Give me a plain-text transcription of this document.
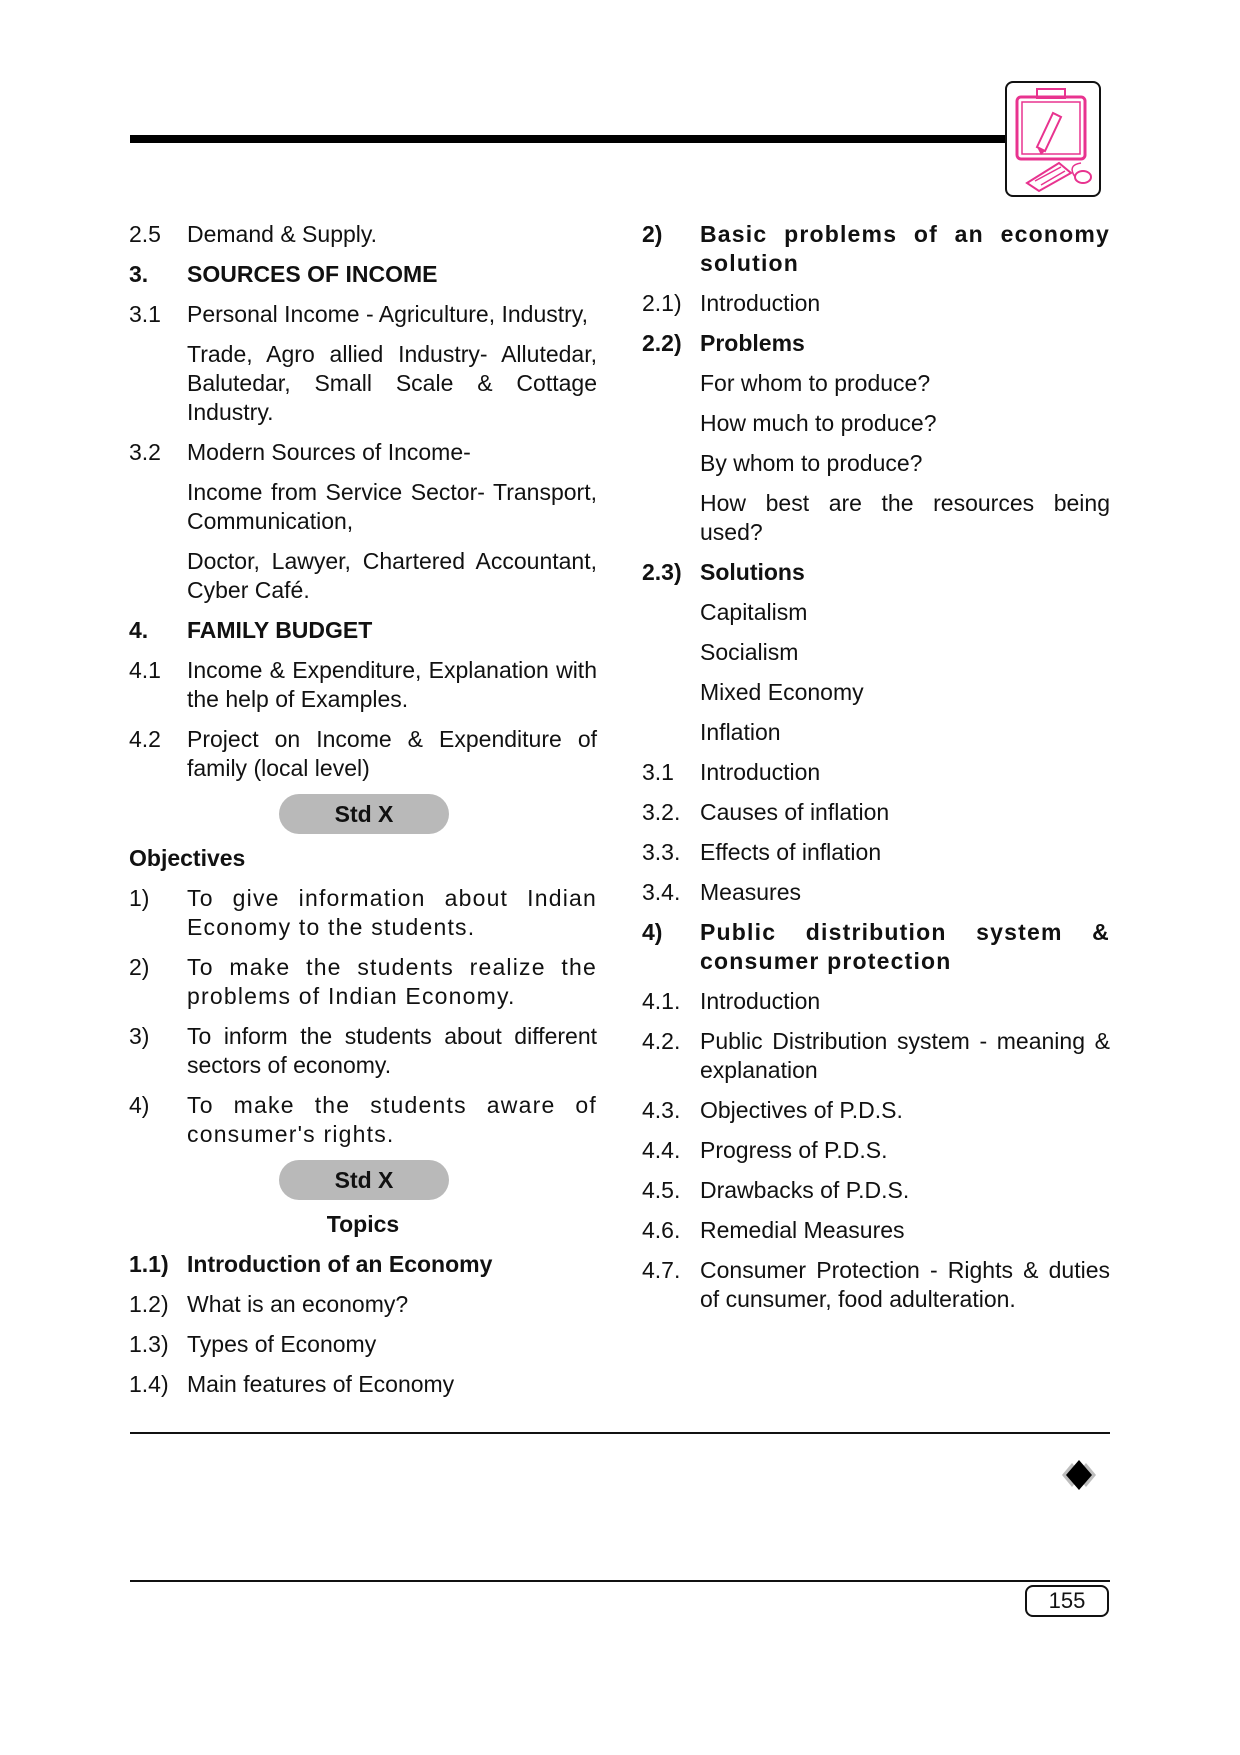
2.5	Demand & Supply.
3.	SOURCES OF INCOME
3.1	Personal Income - Agriculture, Industry,
Trade, Agro allied Industry- Allutedar, Balutedar, Small Scale & Cottage Industry.
3.2	Modern Sources of Income-
Income from Service Sector- Transport, Communication,
Doctor, Lawyer, Chartered Accountant, Cyber Café.
4.	FAMILY BUDGET
4.1	Income & Expenditure, Explanation with the help of Examples.
4.2	Project on Income & Expenditure of family (local level)
Std X
Objectives
1)	To give information about Indian Economy to the students.
2)	To make the students realize the problems of Indian Economy.
3)	To inform the students about different sectors of economy.
4)	To make the students aware of consumer's rights.
Std X
Topics
1.1) Introduction of an Economy
1.2) What is an economy?
1.3) Types of Economy
1.4) Main features of Economy
2)	Basic problems of an economy solution
2.1) Introduction
2.2) Problems
For whom to produce?
How much to produce?
By whom to produce?
How best are the resources being used?
2.3) Solutions
Capitalism
Socialism
Mixed Economy
Inflation
3.1	Introduction
3.2. Causes of inflation
3.3. Effects of inflation
3.4. Measures
4)	Public distribution system & consumer protection
4.1. Introduction
4.2. Public Distribution system - meaning & explanation
4.3. Objectives of P.D.S.
4.4. Progress of P.D.S.
4.5. Drawbacks of P.D.S.
4.6. Remedial Measures
4.7. Consumer Protection - Rights & duties of cunsumer, food adulteration.
155
